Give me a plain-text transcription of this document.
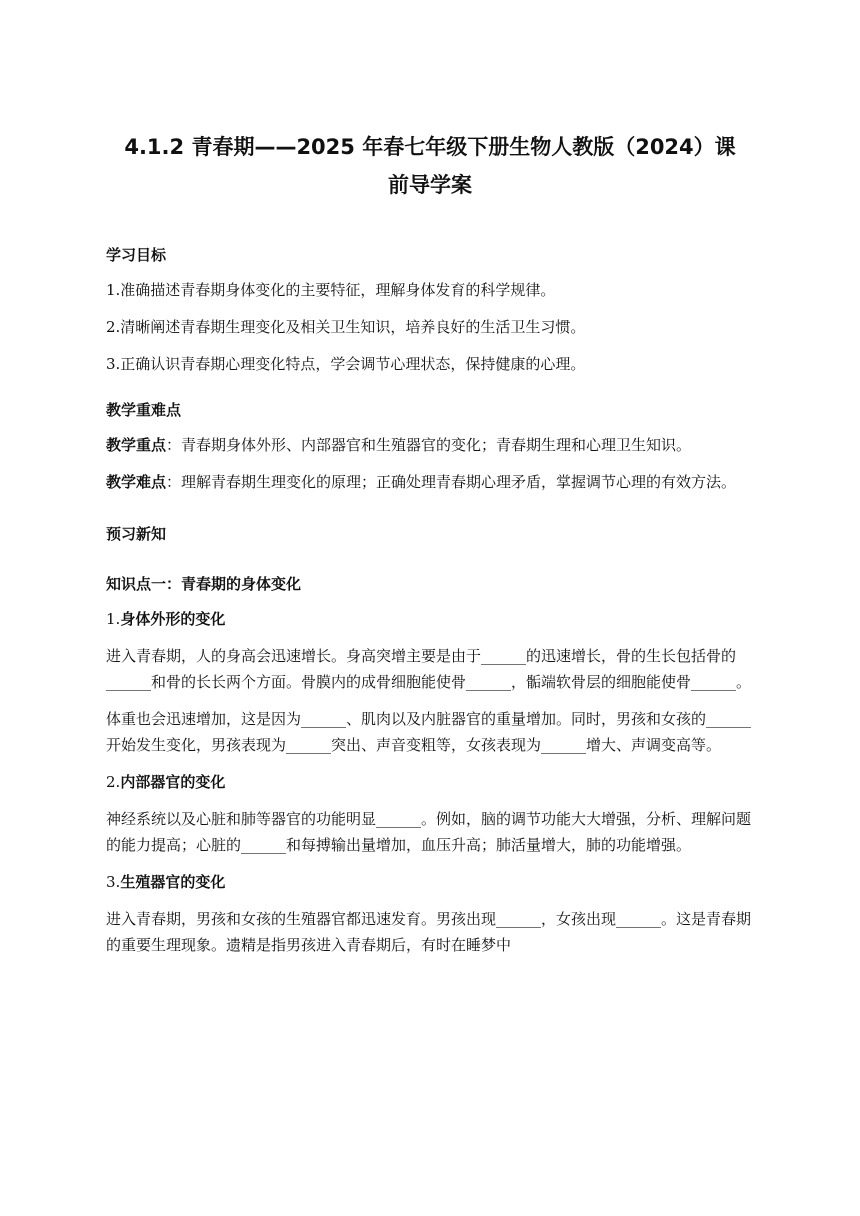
4.1.2 青春期——2025 年春七年级下册生物人教版（2024）课
前导学案
学习目标

1.准确描述青春期身体变化的主要特征，理解身体发育的科学规律。

2.清晰阐述青春期生理变化及相关卫生知识，培养良好的生活卫生习惯。

3.正确认识青春期心理变化特点，学会调节心理状态，保持健康的心理。

教学重难点

教学重点：青春期身体外形、内部器官和生殖器官的变化；青春期生理和心理卫生知识。

教学难点：理解青春期生理变化的原理；正确处理青春期心理矛盾，掌握调节心理的有效方法。

预习新知
知识点一：青春期的身体变化

1.身体外形的变化

进入青春期，人的身高会迅速增长。身高突增主要是由于______的迅速增长，骨的生长包括骨的______和骨的长长两个方面。骨膜内的成骨细胞能使骨______，骺端软骨层的细胞能使骨______。

体重也会迅速增加，这是因为______、肌肉以及内脏器官的重量增加。同时，男孩和女孩的______开始发生变化，男孩表现为______突出、声音变粗等，女孩表现为______增大、声调变高等。

2.内部器官的变化

神经系统以及心脏和肺等器官的功能明显______。例如，脑的调节功能大大增强，分析、理解问题的能力提高；心脏的______和每搏输出量增加，血压升高；肺活量增大，肺的功能增强。

3.生殖器官的变化

进入青春期，男孩和女孩的生殖器官都迅速发育。男孩出现______，女孩出现______。这是青春期的重要生理现象。遗精是指男孩进入青春期后，有时在睡梦中
